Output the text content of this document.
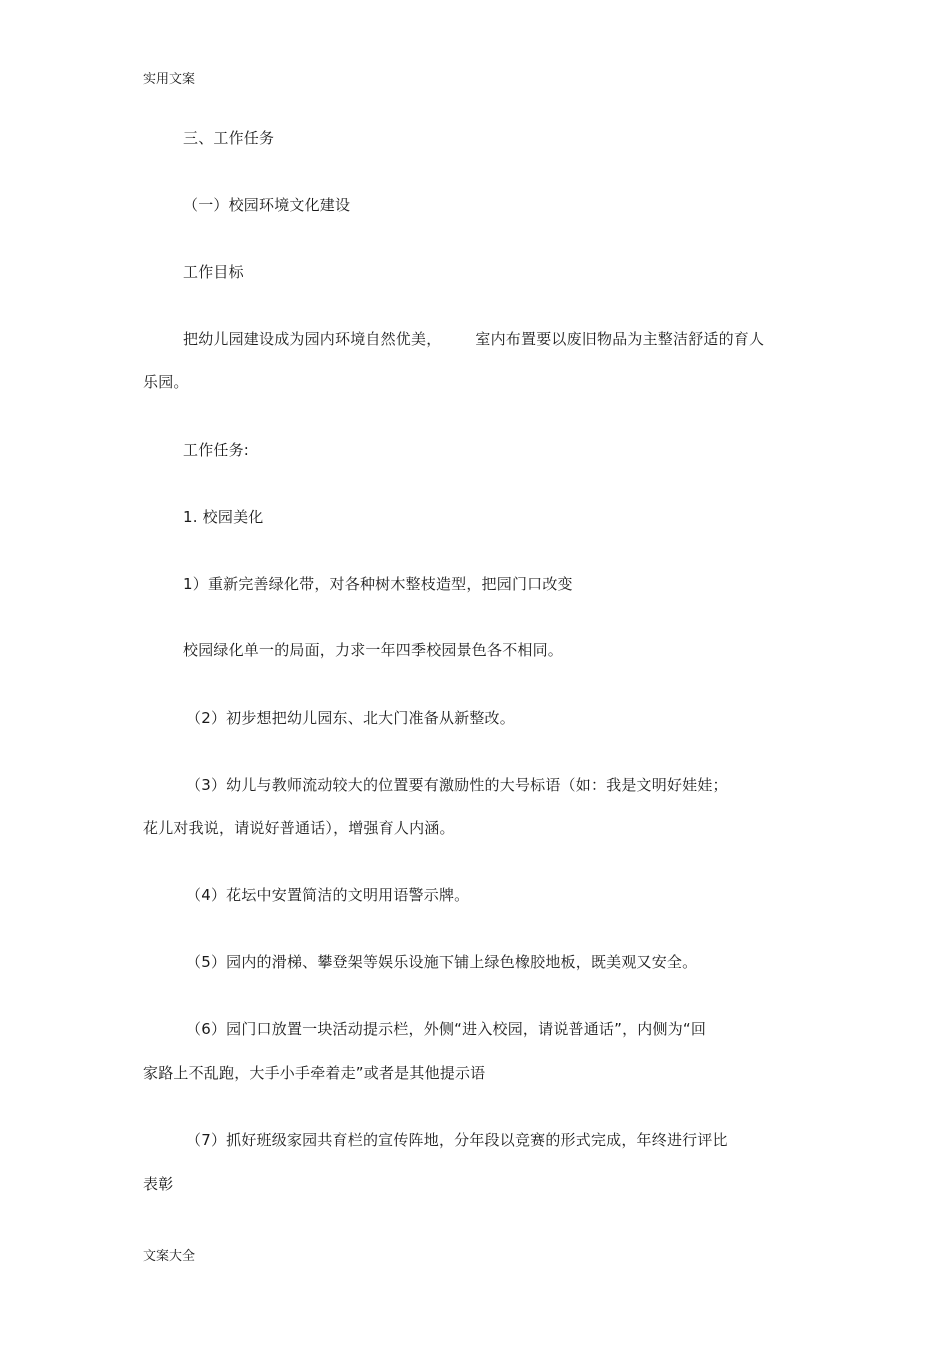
实用文案
三、工作任务
（一）校园环境文化建设
工作目标
把幼儿园建设成为园内环境自然优美， 室内布置要以废旧物品为主整洁舒适的育人
乐园。
工作任务:
1. 校园美化
1）重新完善绿化带，对各种树木整枝造型，把园门口改变
校园绿化单一的局面，力求一年四季校园景色各不相同。
（2）初步想把幼儿园东、北大门准备从新整改。
（3）幼儿与教师流动较大的位置要有激励性的大号标语（如：我是文明好娃娃；
花儿对我说，请说好普通话），增强育人内涵。
（4）花坛中安置简洁的文明用语警示牌。
（5）园内的滑梯、攀登架等娱乐设施下铺上绿色橡胶地板，既美观又安全。
（6）园门口放置一块活动提示栏，外侧“进入校园，请说普通话”，内侧为“回
家路上不乱跑，大手小手牵着走”或者是其他提示语
（7）抓好班级家园共育栏的宣传阵地，分年段以竞赛的形式完成，年终进行评比
表彰
文案大全
